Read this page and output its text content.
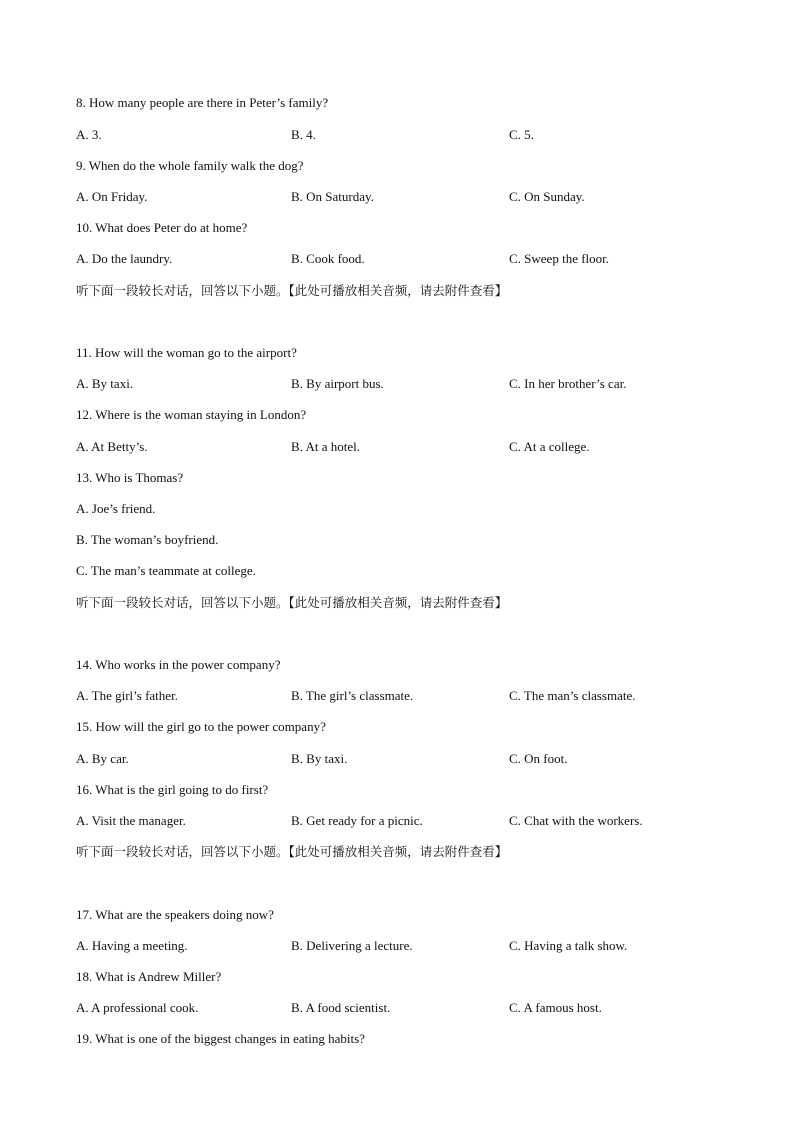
8. How many people are there in Peter’s family?
A. 3.	B. 4.	C. 5.
9. When do the whole family walk the dog?
A. On Friday.	B. On Saturday.	C. On Sunday.
10. What does Peter do at home?
A. Do the laundry.	B. Cook food.	C. Sweep the floor.
听下面一段较长对话，回答以下小题。【此处可播放相关音频，请去附件查看】
11. How will the woman go to the airport?
A. By taxi.	B. By airport bus.	C. In her brother’s car.
12. Where is the woman staying in London?
A. At Betty’s.	B. At a hotel.	C. At a college.
13. Who is Thomas?
A. Joe’s friend.
B. The woman’s boyfriend.
C. The man’s teammate at college.
听下面一段较长对话，回答以下小题。【此处可播放相关音频，请去附件查看】
14. Who works in the power company?
A. The girl’s father.	B. The girl’s classmate.	C. The man’s classmate.
15. How will the girl go to the power company?
A. By car.	B. By taxi.	C. On foot.
16. What is the girl going to do first?
A. Visit the manager.	B. Get ready for a picnic.	C. Chat with the workers.
听下面一段较长对话，回答以下小题。【此处可播放相关音频，请去附件查看】
17. What are the speakers doing now?
A. Having a meeting.	B. Delivering a lecture.	C. Having a talk show.
18. What is Andrew Miller?
A. A professional cook.	B. A food scientist.	C. A famous host.
19. What is one of the biggest changes in eating habits?
